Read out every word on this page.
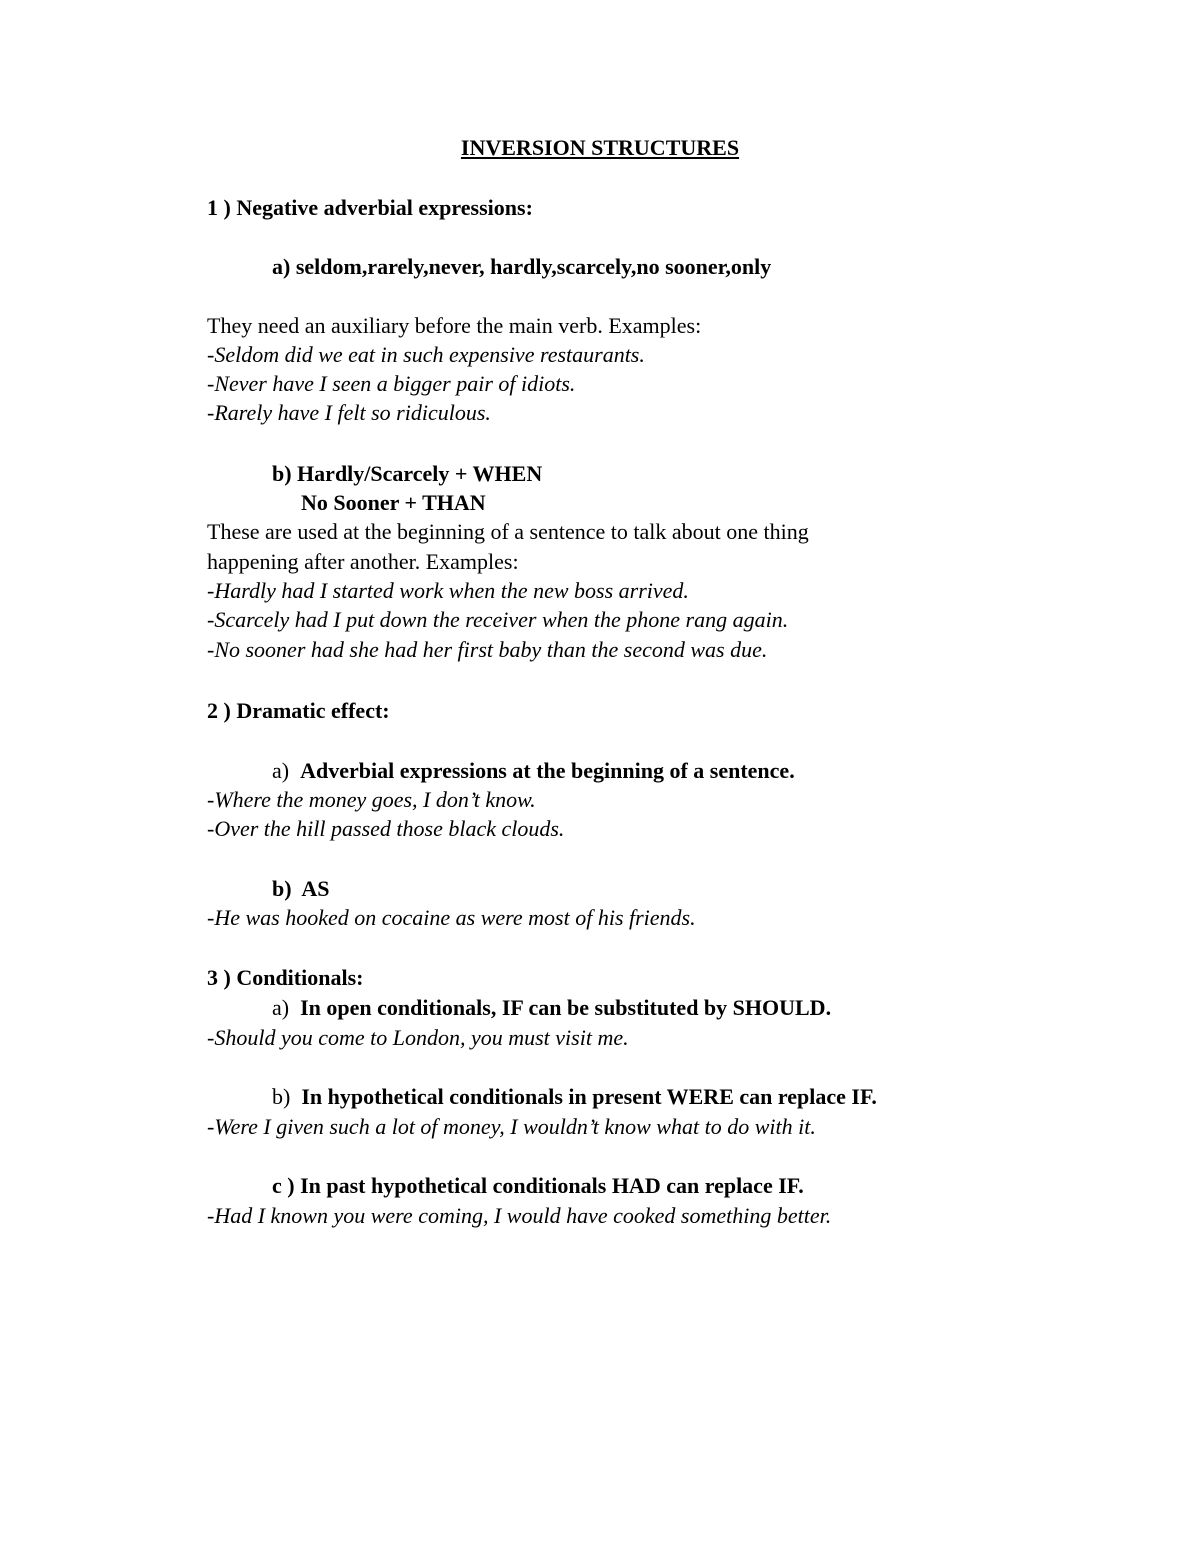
INVERSION STRUCTURES
1 ) Negative adverbial expressions:
a) seldom,rarely,never, hardly,scarcely,no sooner,only
They need an auxiliary before the main verb. Examples:
-Seldom did we eat in such expensive restaurants.
-Never have I seen a bigger pair of idiots.
-Rarely have I felt so ridiculous.
b) Hardly/Scarcely + WHEN
No Sooner + THAN
These are used at the beginning of a sentence to talk about one thing
happening after another. Examples:
-Hardly had I started work when the new boss arrived.
-Scarcely had I put down the receiver when the phone rang again.
-No sooner had she had her first baby than the second was due.
2 ) Dramatic effect:
a) Adverbial expressions at the beginning of a sentence.
-Where the money goes, I don’t know.
-Over the hill passed those black clouds.
b) AS
-He was hooked on cocaine as were most of his friends.
3 ) Conditionals:
a) In open conditionals, IF can be substituted by SHOULD.
-Should you come to London, you must visit me.
b) In hypothetical conditionals in present WERE can replace IF.
-Were I given such a lot of money, I wouldn’t know what to do with it.
c ) In past hypothetical conditionals HAD can replace IF.
-Had I known you were coming, I would have cooked something better.
